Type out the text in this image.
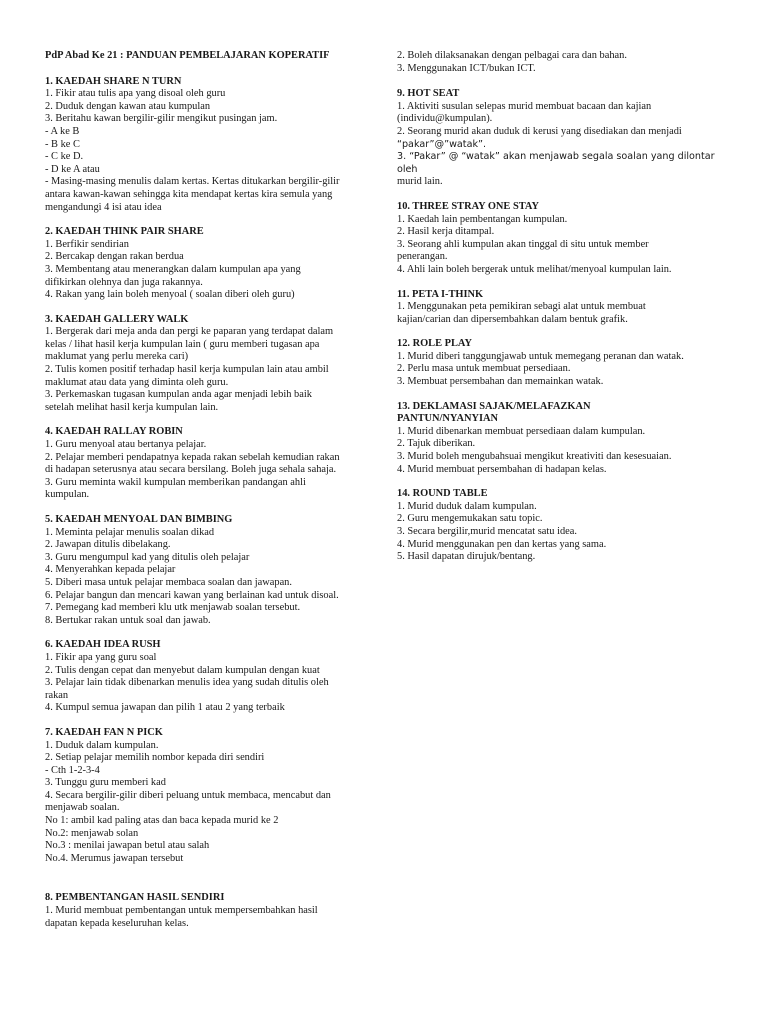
PdP Abad Ke 21 : PANDUAN PEMBELAJARAN KOPERATIF

1. KAEDAH SHARE N TURN

1. Fikir atau tulis apa yang disoal oleh guru

2. Duduk dengan kawan atau kumpulan

3. Beritahu kawan bergilir-gilir mengikut pusingan jam.

- A ke B

- B ke C

- C ke D.

- D ke A atau

- Masing-masing menulis dalam kertas. Kertas ditukarkan bergilir-gilir

antara kawan-kawan sehingga kita mendapat kertas kira semula yang

mengandungi 4 isi atau idea

2. KAEDAH THINK PAIR SHARE

1. Berfikir sendirian

2. Bercakap dengan rakan berdua

3. Membentang atau menerangkan dalam kumpulan apa yang

difikirkan olehnya dan juga rakannya.

4. Rakan yang lain boleh menyoal ( soalan diberi oleh guru)

3. KAEDAH GALLERY WALK

1. Bergerak dari meja anda dan pergi ke paparan yang terdapat dalam

kelas / lihat hasil kerja kumpulan lain ( guru memberi tugasan apa

maklumat yang perlu mereka cari)

2. Tulis komen positif terhadap hasil kerja kumpulan lain atau ambil

maklumat atau data yang diminta oleh guru.

3. Perkemaskan tugasan kumpulan anda agar menjadi lebih baik

setelah melihat hasil kerja kumpulan lain.

4. KAEDAH RALLAY ROBIN

1. Guru menyoal atau bertanya pelajar.

2. Pelajar memberi pendapatnya kepada rakan sebelah kemudian rakan

di hadapan seterusnya atau secara bersilang. Boleh juga sehala sahaja.

3. Guru meminta wakil kumpulan memberikan pandangan ahli

kumpulan.

5. KAEDAH MENYOAL DAN BIMBING

1. Meminta pelajar menulis soalan dikad

2. Jawapan ditulis dibelakang.

3. Guru mengumpul kad yang ditulis oleh pelajar

4. Menyerahkan kepada pelajar

5. Diberi masa untuk pelajar membaca soalan dan jawapan.

6. Pelajar bangun dan mencari kawan yang berlainan kad untuk disoal.

7. Pemegang kad memberi klu utk menjawab soalan tersebut.

8. Bertukar rakan untuk soal dan jawab.

6. KAEDAH IDEA RUSH

1. Fikir apa yang guru soal

2. Tulis dengan cepat dan menyebut dalam kumpulan dengan kuat

3. Pelajar lain tidak dibenarkan menulis idea yang sudah ditulis oleh

rakan

4. Kumpul semua jawapan dan pilih 1 atau 2 yang terbaik

7. KAEDAH FAN N PICK

1. Duduk dalam kumpulan.

2. Setiap pelajar memilih nombor kepada diri sendiri

- Cth 1-2-3-4

3. Tunggu guru memberi kad

4. Secara bergilir-gilir diberi peluang untuk membaca, mencabut dan

menjawab soalan.

No 1: ambil kad paling atas dan baca kepada murid ke 2

No.2: menjawab solan

No.3 : menilai jawapan betul atau salah

No.4. Merumus jawapan tersebut

8. PEMBENTANGAN HASIL SENDIRI

1. Murid membuat pembentangan untuk mempersembahkan hasil

dapatan kepada keseluruhan kelas.

2. Boleh dilaksanakan dengan pelbagai cara dan bahan.

3. Menggunakan ICT/bukan ICT.

9. HOT SEAT

1. Aktiviti susulan selepas murid membuat bacaan dan kajian

(individu@kumpulan).

2. Seorang murid akan duduk di kerusi yang disediakan dan menjadi

“pakar”@”watak”.

3. “Pakar” @ “watak” akan menjawab segala soalan yang dilontar oleh

murid lain.

10. THREE STRAY ONE STAY

1. Kaedah lain pembentangan kumpulan.

2. Hasil kerja ditampal.

3. Seorang ahli kumpulan akan tinggal di situ untuk member

penerangan.

4. Ahli lain boleh bergerak untuk melihat/menyoal kumpulan lain.

11. PETA I-THINK

1. Menggunakan peta pemikiran sebagi alat untuk membuat

kajian/carian dan dipersembahkan dalam bentuk grafik.

12. ROLE PLAY

1. Murid diberi tanggungjawab untuk memegang peranan dan watak.

2. Perlu masa untuk membuat persediaan.

3. Membuat persembahan dan memainkan watak.

13. DEKLAMASI SAJAK/MELAFAZKAN

PANTUN/NYANYIAN

1. Murid dibenarkan membuat persediaan dalam kumpulan.

2. Tajuk diberikan.

3. Murid boleh mengubahsuai mengikut kreativiti dan kesesuaian.

4. Murid membuat persembahan di hadapan kelas.

14. ROUND TABLE

1. Murid duduk dalam kumpulan.

2. Guru mengemukakan satu topic.

3. Secara bergilir,murid mencatat satu idea.

4. Murid menggunakan pen dan kertas yang sama.

5. Hasil dapatan dirujuk/bentang.
